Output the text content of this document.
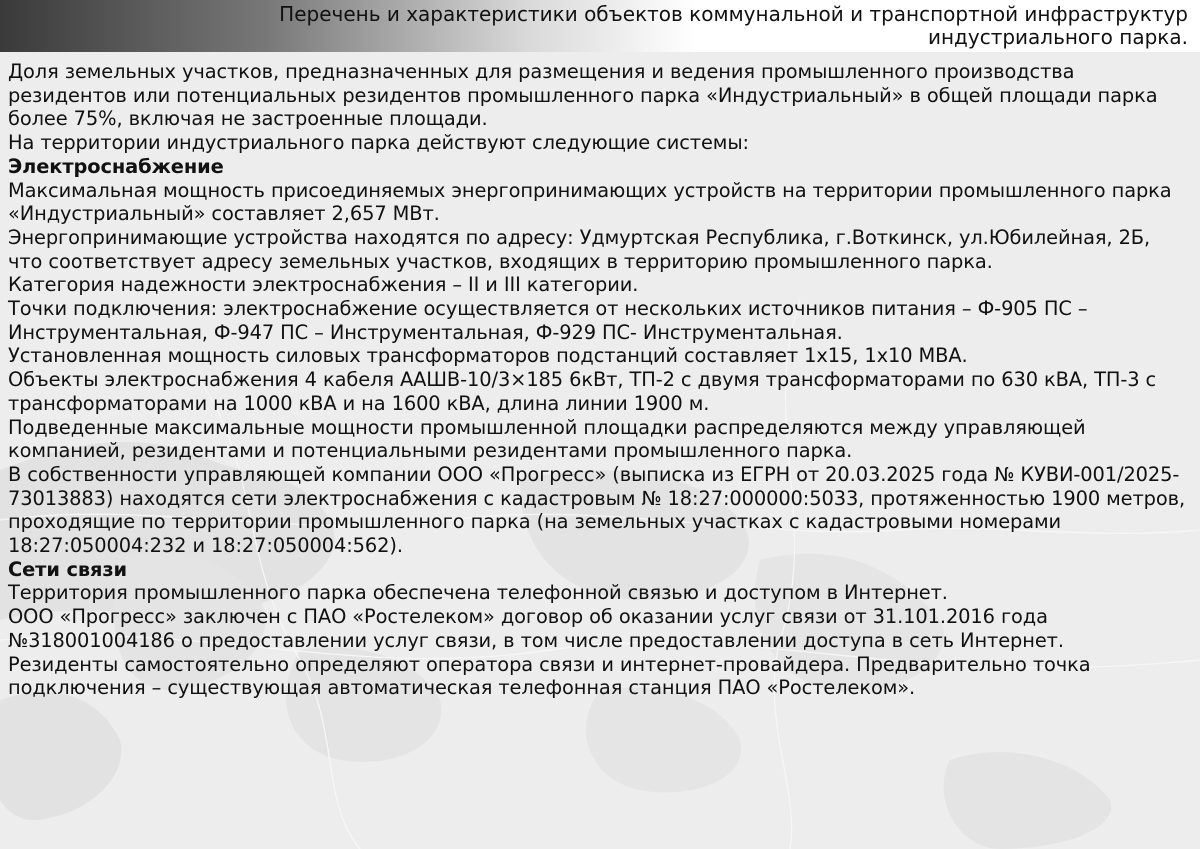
Перечень и характеристики объектов коммунальной и транспортной инфраструктур индустриального парка.

Доля земельных участков, предназначенных для размещения и ведения промышленного производства резидентов или потенциальных резидентов промышленного парка «Индустриальный» в общей площади парка более 75%, включая не застроенные площади.

На территории индустриального парка действуют следующие системы:

Электроснабжение

Максимальная мощность присоединяемых энергопринимающих устройств на территории промышленного парка «Индустриальный» составляет 2,657 МВт.

Энергопринимающие устройства находятся по адресу: Удмуртская Республика, г.Воткинск, ул.Юбилейная, 2Б, что соответствует адресу земельных участков, входящих в территорию промышленного парка.

Категория надежности электроснабжения – II и III категории.

Точки подключения: электроснабжение осуществляется от нескольких источников питания – Ф-905 ПС – Инструментальная, Ф-947 ПС – Инструментальная, Ф-929 ПС- Инструментальная.

Установленная мощность силовых трансформаторов подстанций составляет 1х15, 1х10 МВА.

Объекты электроснабжения 4 кабеля ААШВ-10/3×185 6кВт, ТП-2 с двумя трансформаторами по 630 кВА, ТП-3 с трансформаторами на 1000 кВА и на 1600 кВА, длина линии 1900 м.

Подведенные максимальные мощности промышленной площадки распределяются между управляющей компанией, резидентами и потенциальными резидентами промышленного парка.

В собственности управляющей компании ООО «Прогресс» (выписка из ЕГРН от 20.03.2025 года № КУВИ-001/2025-73013883) находятся сети электроснабжения с кадастровым № 18:27:000000:5033, протяженностью 1900 метров, проходящие по территории промышленного парка (на земельных участках с кадастровыми номерами 18:27:050004:232 и 18:27:050004:562).

Сети связи

Территория промышленного парка обеспечена телефонной связью и доступом в Интернет.

ООО «Прогресс» заключен с ПАО «Ростелеком» договор об оказании услуг связи от 31.101.2016 года №318001004186 о предоставлении услуг связи, в том числе предоставлении доступа в сеть Интернет.

Резиденты самостоятельно определяют оператора связи и интернет-провайдера. Предварительно точка подключения – существующая автоматическая телефонная станция ПАО «Ростелеком».
